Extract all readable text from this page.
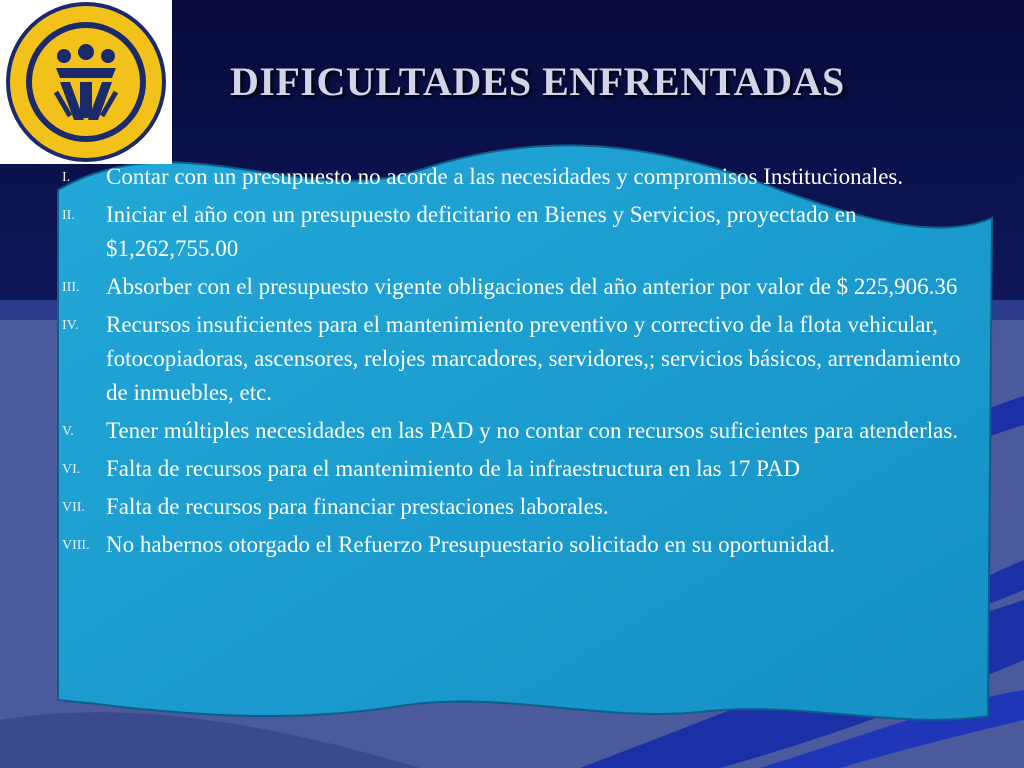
DIFICULTADES ENFRENTADAS
I. Contar con un presupuesto no acorde a las necesidades y compromisos Institucionales.
II. Iniciar el año con un presupuesto deficitario en Bienes y Servicios, proyectado en $1,262,755.00
III. Absorber con el presupuesto vigente obligaciones del año anterior por valor de $ 225,906.36
IV. Recursos insuficientes para el mantenimiento preventivo y correctivo de la flota vehicular, fotocopiadoras, ascensores, relojes marcadores, servidores,; servicios básicos, arrendamiento de inmuebles, etc.
V. Tener múltiples necesidades en las PAD y no contar con recursos suficientes para atenderlas.
VI. Falta de recursos para el mantenimiento de la infraestructura en las 17 PAD
VII. Falta de recursos para financiar prestaciones laborales.
VIII. No habernos otorgado el Refuerzo Presupuestario solicitado en su oportunidad.
